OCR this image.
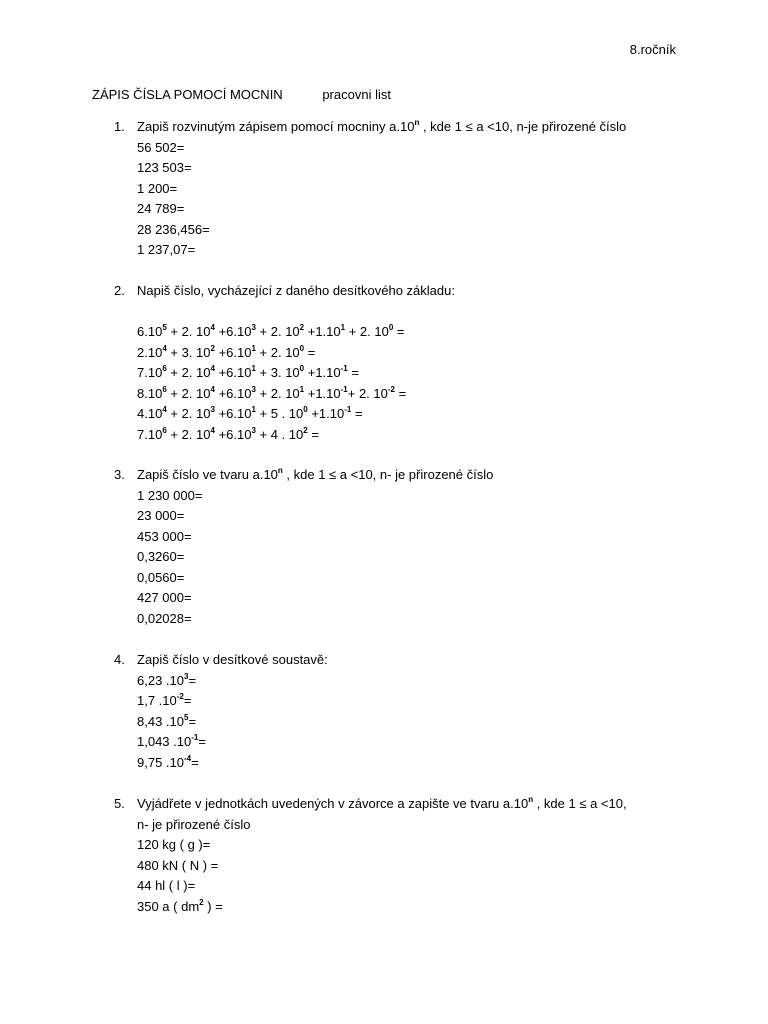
8.ročník
ZÁPIS ČÍSLA POMOCÍ MOCNIN	pracovni list
1. Zapiš rozvinutým zápisem pomocí mocniny a.10$^n$ , kde 1 ≤ a <10, n-je přirozené číslo
56 502=
123 503=
1 200=
24 789=
28 236,456=
1 237,07=
2. Napiš číslo, vycházející z daného desítkového základu:
$6.10^5 + 2$. $10^4 +6.10^3 + 2$. $10^2 +1.10^1 + 2$. $10^0$ =
$2.10^4 + 3$. $10^2 +6.10^1 + 2$. $10^0$ =
$7.10^6 + 2$. $10^4 +6.10^1 + 3$. $10^0 +1.10^{-1}$ =
$8.10^6 + 2$. $10^4 +6.10^3 + 2$. $10^1 +1.10^{-1}+ 2$. $10^{-2}$ =
$4.10^4 + 2$. $10^3 +6.10^1 + 5$ . $10^0 +1.10^{-1}$ =
$7.10^6 + 2$. $10^4 +6.10^3 + 4$ . $10^2$ =
3. Zapiš číslo ve tvaru a.10$^n$ , kde 1 ≤ a <10, n- je přirozené číslo
1 230 000=
23 000=
453 000=
0,3260=
0,0560=
427 000=
0,02028=
4. Zapiš číslo v desítkové soustavě:
6,23 $.10^3=$
1,7 $.10^{-2}=$
8,43 $.10^5=$
1,043 $.10^{-1}=$
9,75 $.10^{-4}=$
5. Vyjádřete v jednotkách uvedených v závorce a zapište ve tvaru a.10$^n$ , kde 1 ≤ a <10,
n- je přirozené číslo
120 kg ( g )=
480 kN ( N ) =
44 hl ( l )=
350 a ( $dm^2$ ) =
